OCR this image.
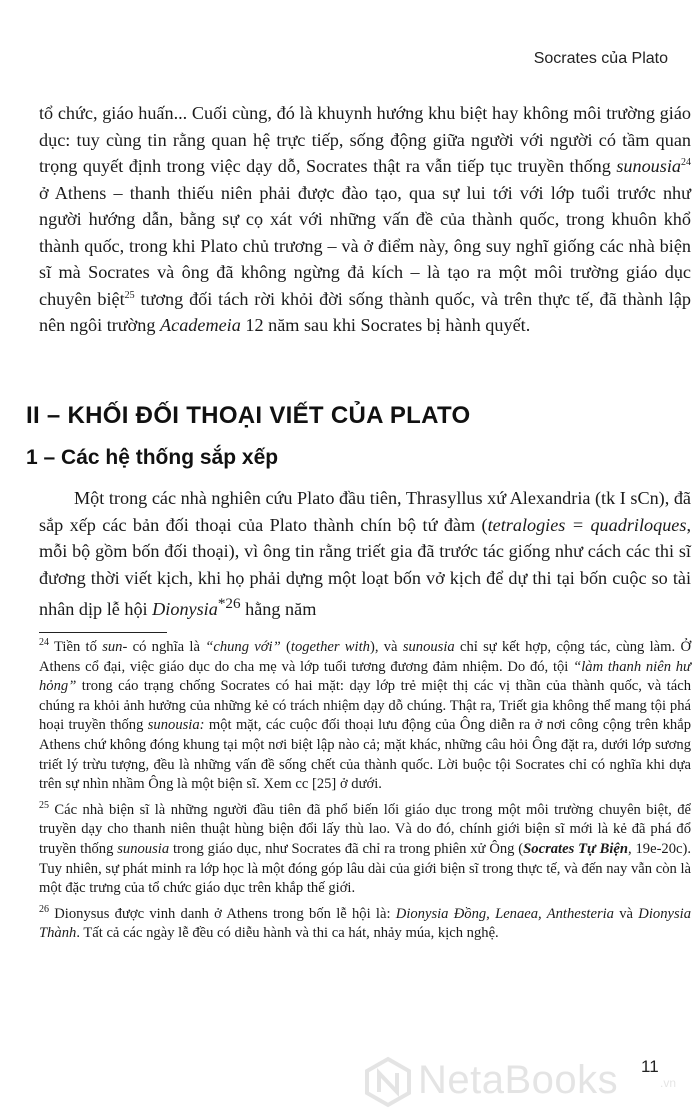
Socrates của Plato

tổ chức, giáo huấn... Cuối cùng, đó là khuynh hướng khu biệt hay không môi trường giáo dục: tuy cùng tin rằng quan hệ trực tiếp, sống động giữa người với người có tầm quan trọng quyết định trong việc dạy dỗ, Socrates thật ra vẫn tiếp tục truyền thống sunousia$^{24}$ ở Athens – thanh thiếu niên phải được đào tạo, qua sự lui tới với lớp tuổi trước như người hướng dẫn, bằng sự cọ xát với những vấn đề của thành quốc, trong khuôn khổ thành quốc, trong khi Plato chủ trương – và ở điểm này, ông suy nghĩ giống các nhà biện sĩ mà Socrates và ông đã không ngừng đả kích – là tạo ra một môi trường giáo dục chuyên biệt$^{25}$ tương đối tách rời khỏi đời sống thành quốc, và trên thực tế, đã thành lập nên ngôi trường Academeia 12 năm sau khi Socrates bị hành quyết.

II – KHỐI ĐỐI THOẠI VIẾT CỦA PLATO
1 – Các hệ thống sắp xếp

Một trong các nhà nghiên cứu Plato đầu tiên, Thrasyllus xứ Alexandria (tk I sCn), đã sắp xếp các bản đối thoại của Plato thành chín bộ tứ đàm (tetralogies = quadriloques, mỗi bộ gồm bốn đối thoại), vì ông tin rằng triết gia đã trước tác giống như cách các thi sĩ đương thời viết kịch, khi họ phải dựng một loạt bốn vở kịch để dự thi tại bốn cuộc so tài nhân dịp lễ hội Dionysia$^{*26}$ hằng năm

$^{24}$ Tiền tố sun- có nghĩa là “chung với” (together with), và sunousia chỉ sự kết hợp, cộng tác, cùng làm. Ở Athens cổ đại, việc giáo dục do cha mẹ và lớp tuổi tương đương đảm nhiệm. Do đó, tội “làm thanh niên hư hỏng” trong cáo trạng chống Socrates có hai mặt: dạy lớp trẻ miệt thị các vị thần của thành quốc, và tách chúng ra khỏi ảnh hưởng của những kẻ có trách nhiệm dạy dỗ chúng. Thật ra, Triết gia không thể mang tội phá hoại truyền thống sunousia: một mặt, các cuộc đối thoại lưu động của Ông diễn ra ở nơi công cộng trên khắp Athens chứ không đóng khung tại một nơi biệt lập nào cả; mặt khác, những câu hỏi Ông đặt ra, dưới lớp sương triết lý trừu tượng, đều là những vấn đề sống chết của thành quốc. Lời buộc tội Socrates chỉ có nghĩa khi dựa trên sự nhìn nhầm Ông là một biện sĩ. Xem cc [25] ở dưới.

$^{25}$ Các nhà biện sĩ là những người đầu tiên đã phổ biến lối giáo dục trong một môi trường chuyên biệt, để truyền dạy cho thanh niên thuật hùng biện đổi lấy thù lao. Và do đó, chính giới biện sĩ mới là kẻ đã phá đổ truyền thống sunousia trong giáo dục, như Socrates đã chỉ ra trong phiên xử Ông (Socrates Tự Biện, 19e-20c). Tuy nhiên, sự phát minh ra lớp học là một đóng góp lâu dài của giới biện sĩ trong thực tế, và đến nay vẫn còn là một đặc trưng của tổ chức giáo dục trên khắp thế giới.

$^{26}$ Dionysus được vinh danh ở Athens trong bốn lễ hội là: Dionysia Đồng, Lenaea, Anthesteria và Dionysia Thành. Tất cả các ngày lễ đều có diễu hành và thi ca hát, nhảy múa, kịch nghệ.

NetaBooks	.vn
11
